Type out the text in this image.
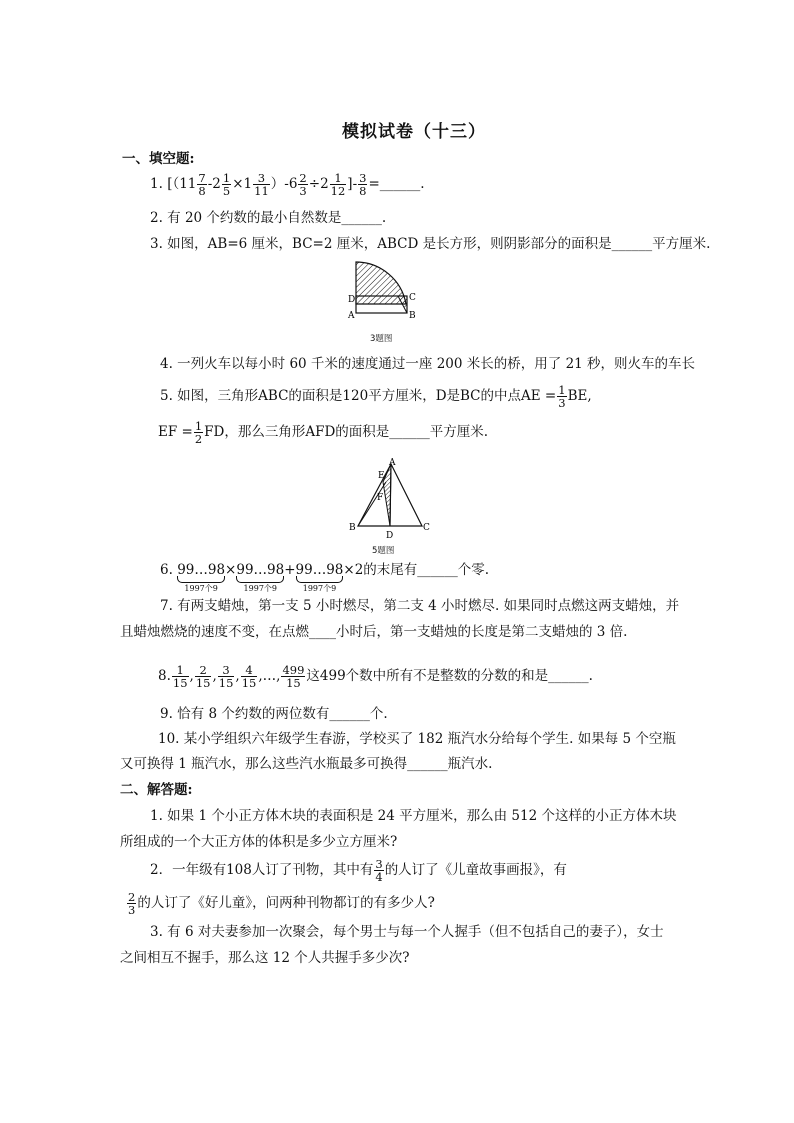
模拟试卷（十三）
一、填空题:
1. [$(11 \frac{7}{8} -2 \frac{1}{5} \times 1 \frac{3}{11} )-6 \frac{2}{3} \div 2 \frac{1}{12}$ ]- $\frac{3}{8}$ =______.
2. 有 20 个约数的最小自然数是______.
3. 如图，AB=6 厘米，BC=2 厘米，ABCD 是长方形，则阴影部分的面积是______平方厘米.
D	C
A	B
3题图
4. 一列火车以每小时 60 千米的速度通过一座 200 米长的桥，用了 21 秒，则火车的车长
5. 如图，三角形ABC的面积是120平方厘米，D是BC的中点AE = $\frac{1}{3}$ BE,
EF = $\frac{1}{2}$ FD，那么三角形AFD的面积是______平方厘米.
E
A
F
B
D
C
5题图
6. 99…98
1997个9
×99…98
1997个9
+99…98
1997个9
×2的末尾有______个零.
7. 有两支蜡烛，第一支 5 小时燃尽，第二支 4 小时燃尽. 如果同时点燃这两支蜡烛，并
且蜡烛燃烧的速度不变，在点燃____小时后，第一支蜡烛的长度是第二支蜡烛的 3 倍.
8. $\frac{1}{15}$ , $\frac{2}{15}$ , $\frac{3}{15}$ , $\frac{4}{15}$ ,…, $\frac{499}{15}$ 这499个数中所有不是整数的分数的和是______.
9. 恰有 8 个约数的两位数有______个.
10. 某小学组织六年级学生春游，学校买了 182 瓶汽水分给每个学生. 如果每 5 个空瓶
又可换得 1 瓶汽水，那么这些汽水瓶最多可换得______瓶汽水.
二、解答题:
1. 如果 1 个小正方体木块的表面积是 24 平方厘米，那么由 512 个这样的小正方体木块
所组成的一个大正方体的体积是多少立方厘米?
2．一年级有108人订了刊物，其中有 $\frac{3}{4}$ 的人订了《儿童故事画报》，有
$\frac{2}{3}$ 的人订了《好儿童》，问两种刊物都订的有多少人?
3. 有 6 对夫妻参加一次聚会，每个男士与每一个人握手（但不包括自己的妻子），女士
之间相互不握手，那么这 12 个人共握手多少次?
